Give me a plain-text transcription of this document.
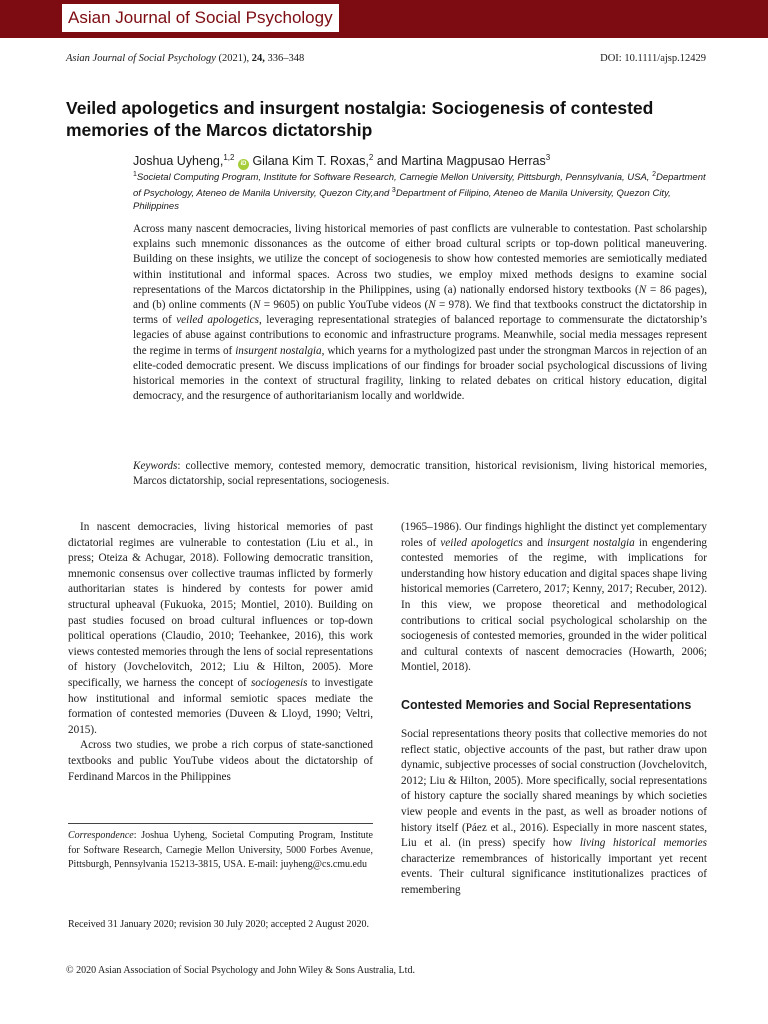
Asian Journal of Social Psychology
Asian Journal of Social Psychology (2021), 24, 336–348	DOI: 10.1111/ajsp.12429
Veiled apologetics and insurgent nostalgia: Sociogenesis of contested memories of the Marcos dictatorship
Joshua Uyheng,$^{1,2}$ iD Gilana Kim T. Roxas,$^2$ and Martina Magpusao Herras$^3$
$^1$Societal Computing Program, Institute for Software Research, Carnegie Mellon University, Pittsburgh, Pennsylvania, USA, $^2$Department of Psychology, Ateneo de Manila University, Quezon City,and $^3$Department of Filipino, Ateneo de Manila University, Quezon City, Philippines
Across many nascent democracies, living historical memories of past conflicts are vulnerable to contestation. Past scholarship explains such mnemonic dissonances as the outcome of either broad cultural scripts or top-down political maneuvering. Building on these insights, we utilize the concept of sociogenesis to show how contested memories are semiotically mediated within institutional and informal spaces. Across two studies, we employ mixed methods designs to examine social representations of the Marcos dictatorship in the Philippines, using (a) nationally endorsed history textbooks (N = 86 pages), and (b) online comments (N = 9605) on public YouTube videos (N = 978). We find that textbooks construct the dictatorship in terms of veiled apologetics, leveraging representational strategies of balanced reportage to commensurate the dictatorship’s legacies of abuse against contributions to economic and infrastructure programs. Meanwhile, social media messages represent the regime in terms of insurgent nostalgia, which yearns for a mythologized past under the strongman Marcos in rejection of an elite-coded democratic present. We discuss implications of our findings for broader social psychological discussions of living historical memories in the context of structural fragility, linking to related debates on critical history education, digital democracy, and the resurgence of authoritarianism locally and worldwide.
Keywords: collective memory, contested memory, democratic transition, historical revisionism, living historical memories, Marcos dictatorship, social representations, sociogenesis.

In nascent democracies, living historical memories of past dictatorial regimes are vulnerable to contestation (Liu et al., in press; Oteiza & Achugar, 2018). Following democratic transition, mnemonic consensus over collective traumas inflicted by formerly authoritarian states is hindered by contests for power amid structural upheaval (Fukuoka, 2015; Montiel, 2010). Building on past studies focused on broad cultural influences or top-down political operations (Claudio, 2010; Teehankee, 2016), this work views contested memories through the lens of social representations of history (Jovchelovitch, 2012; Liu & Hilton, 2005). More specifically, we harness the concept of sociogenesis to investigate how institutional and informal semiotic spaces mediate the formation of contested memories (Duveen & Lloyd, 1990; Veltri, 2015).

Across two studies, we probe a rich corpus of state-sanctioned textbooks and public YouTube videos about the dictatorship of Ferdinand Marcos in the Philippines

(1965–1986). Our findings highlight the distinct yet complementary roles of veiled apologetics and insurgent nostalgia in engendering contested memories of the regime, with implications for understanding how history education and digital spaces shape living historical memories (Carretero, 2017; Kenny, 2017; Recuber, 2012). In this view, we propose theoretical and methodological contributions to critical social psychological scholarship on the sociogenesis of contested memories, grounded in the wider political and cultural contexts of nascent democracies (Howarth, 2006; Montiel, 2018).

Contested Memories and Social Representations

Social representations theory posits that collective memories do not reflect static, objective accounts of the past, but rather draw upon dynamic, subjective processes of social construction (Jovchelovitch, 2012; Liu & Hilton, 2005). More specifically, social representations of history capture the socially shared meanings by which societies view people and events in the past, as well as broader notions of history itself (Páez et al., 2016). Especially in more nascent states, Liu et al. (in press) specify how living historical memories characterize remembrances of historically important yet recent events. Their cultural significance institutionalizes practices of remembering

Correspondence: Joshua Uyheng, Societal Computing Program, Institute for Software Research, Carnegie Mellon University, 5000 Forbes Avenue, Pittsburgh, Pennsylvania 15213-3815, USA. E-mail: juyheng@cs.cmu.edu
Received 31 January 2020; revision 30 July 2020; accepted 2 August 2020.
© 2020 Asian Association of Social Psychology and John Wiley & Sons Australia, Ltd.
